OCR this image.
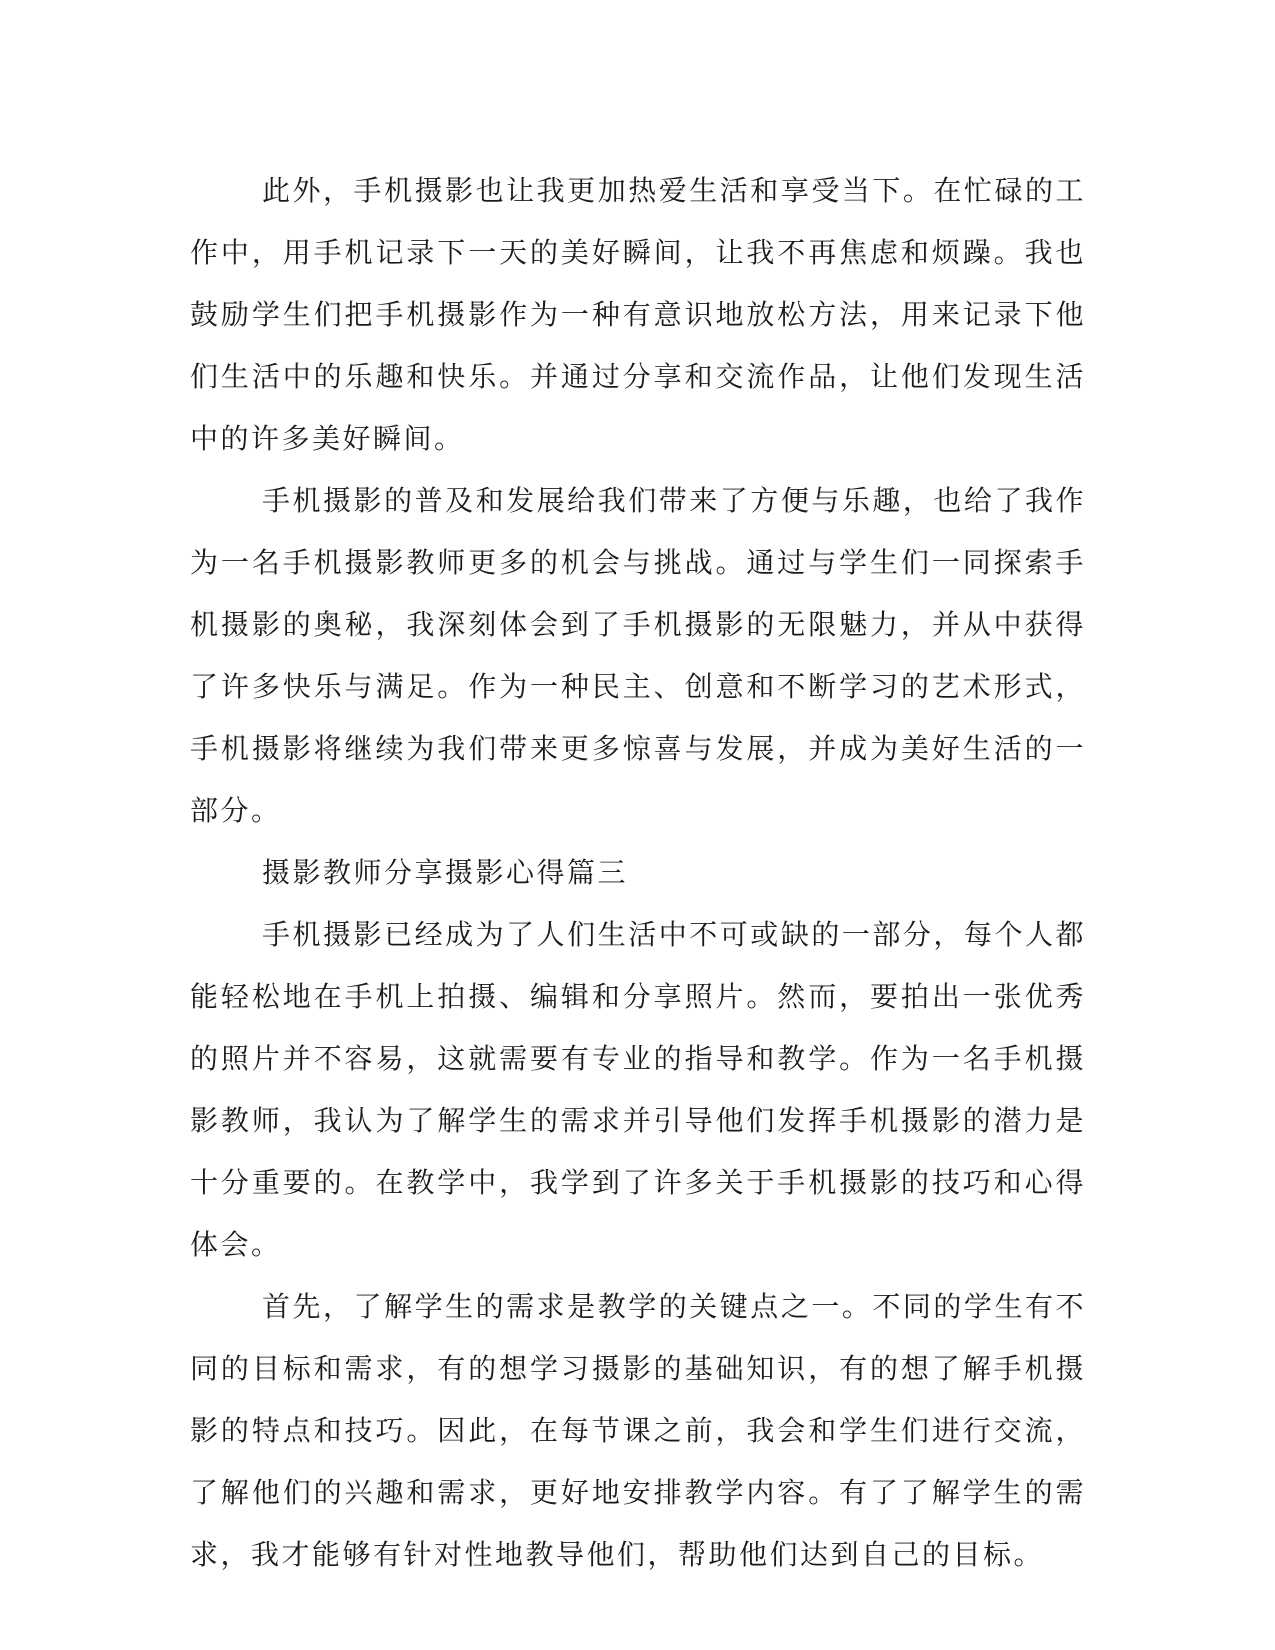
此外，手机摄影也让我更加热爱生活和享受当下。在忙碌的工作中，用手机记录下一天的美好瞬间，让我不再焦虑和烦躁。我也鼓励学生们把手机摄影作为一种有意识地放松方法，用来记录下他们生活中的乐趣和快乐。并通过分享和交流作品，让他们发现生活中的许多美好瞬间。

手机摄影的普及和发展给我们带来了方便与乐趣，也给了我作为一名手机摄影教师更多的机会与挑战。通过与学生们一同探索手机摄影的奥秘，我深刻体会到了手机摄影的无限魅力，并从中获得了许多快乐与满足。作为一种民主、创意和不断学习的艺术形式，手机摄影将继续为我们带来更多惊喜与发展，并成为美好生活的一部分。

摄影教师分享摄影心得篇三

手机摄影已经成为了人们生活中不可或缺的一部分，每个人都能轻松地在手机上拍摄、编辑和分享照片。然而，要拍出一张优秀的照片并不容易，这就需要有专业的指导和教学。作为一名手机摄影教师，我认为了解学生的需求并引导他们发挥手机摄影的潜力是十分重要的。在教学中，我学到了许多关于手机摄影的技巧和心得体会。

首先，了解学生的需求是教学的关键点之一。不同的学生有不同的目标和需求，有的想学习摄影的基础知识，有的想了解手机摄影的特点和技巧。因此，在每节课之前，我会和学生们进行交流，了解他们的兴趣和需求，更好地安排教学内容。有了了解学生的需求，我才能够有针对性地教导他们，帮助他们达到自己的目标。
